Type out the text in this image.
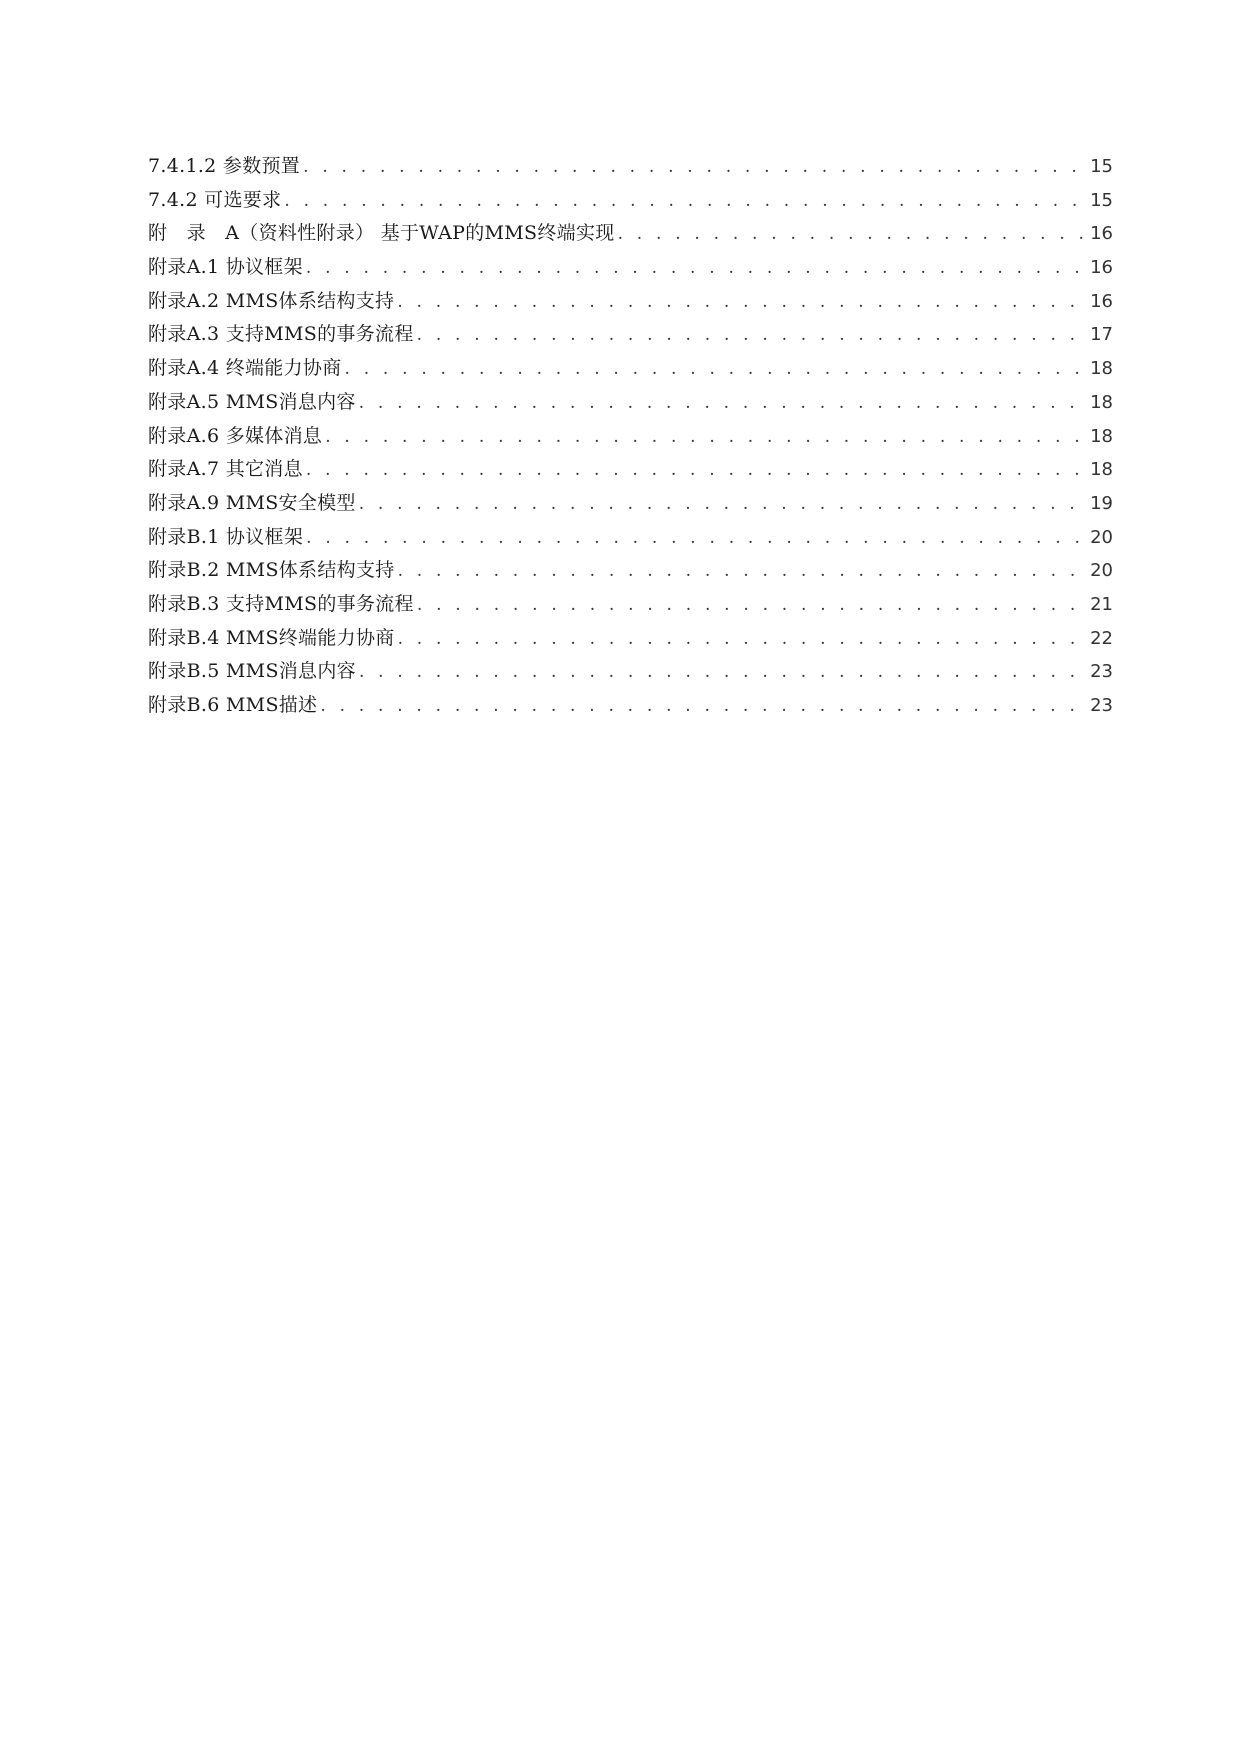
7.4.1.2 参数预置 . . .	15
7.4.2 可选要求 . . .	15
附　录　A（资料性附录） 基于WAP的MMS终端实现 . . .	16
附录A.1 协议框架 . . .	16
附录A.2 MMS体系结构支持 . . .	16
附录A.3 支持MMS的事务流程 . . .	17
附录A.4 终端能力协商 . . .	18
附录A.5 MMS消息内容 . . .	18
附录A.6 多媒体消息 . . .	18
附录A.7 其它消息 . . .	18
附录A.9 MMS安全模型 . . .	19
附录B.1 协议框架 . . .	20
附录B.2 MMS体系结构支持 . . .	20
附录B.3 支持MMS的事务流程 . . .	21
附录B.4 MMS终端能力协商 . . .	22
附录B.5 MMS消息内容 . . .	23
附录B.6 MMS描述 . . .	23
